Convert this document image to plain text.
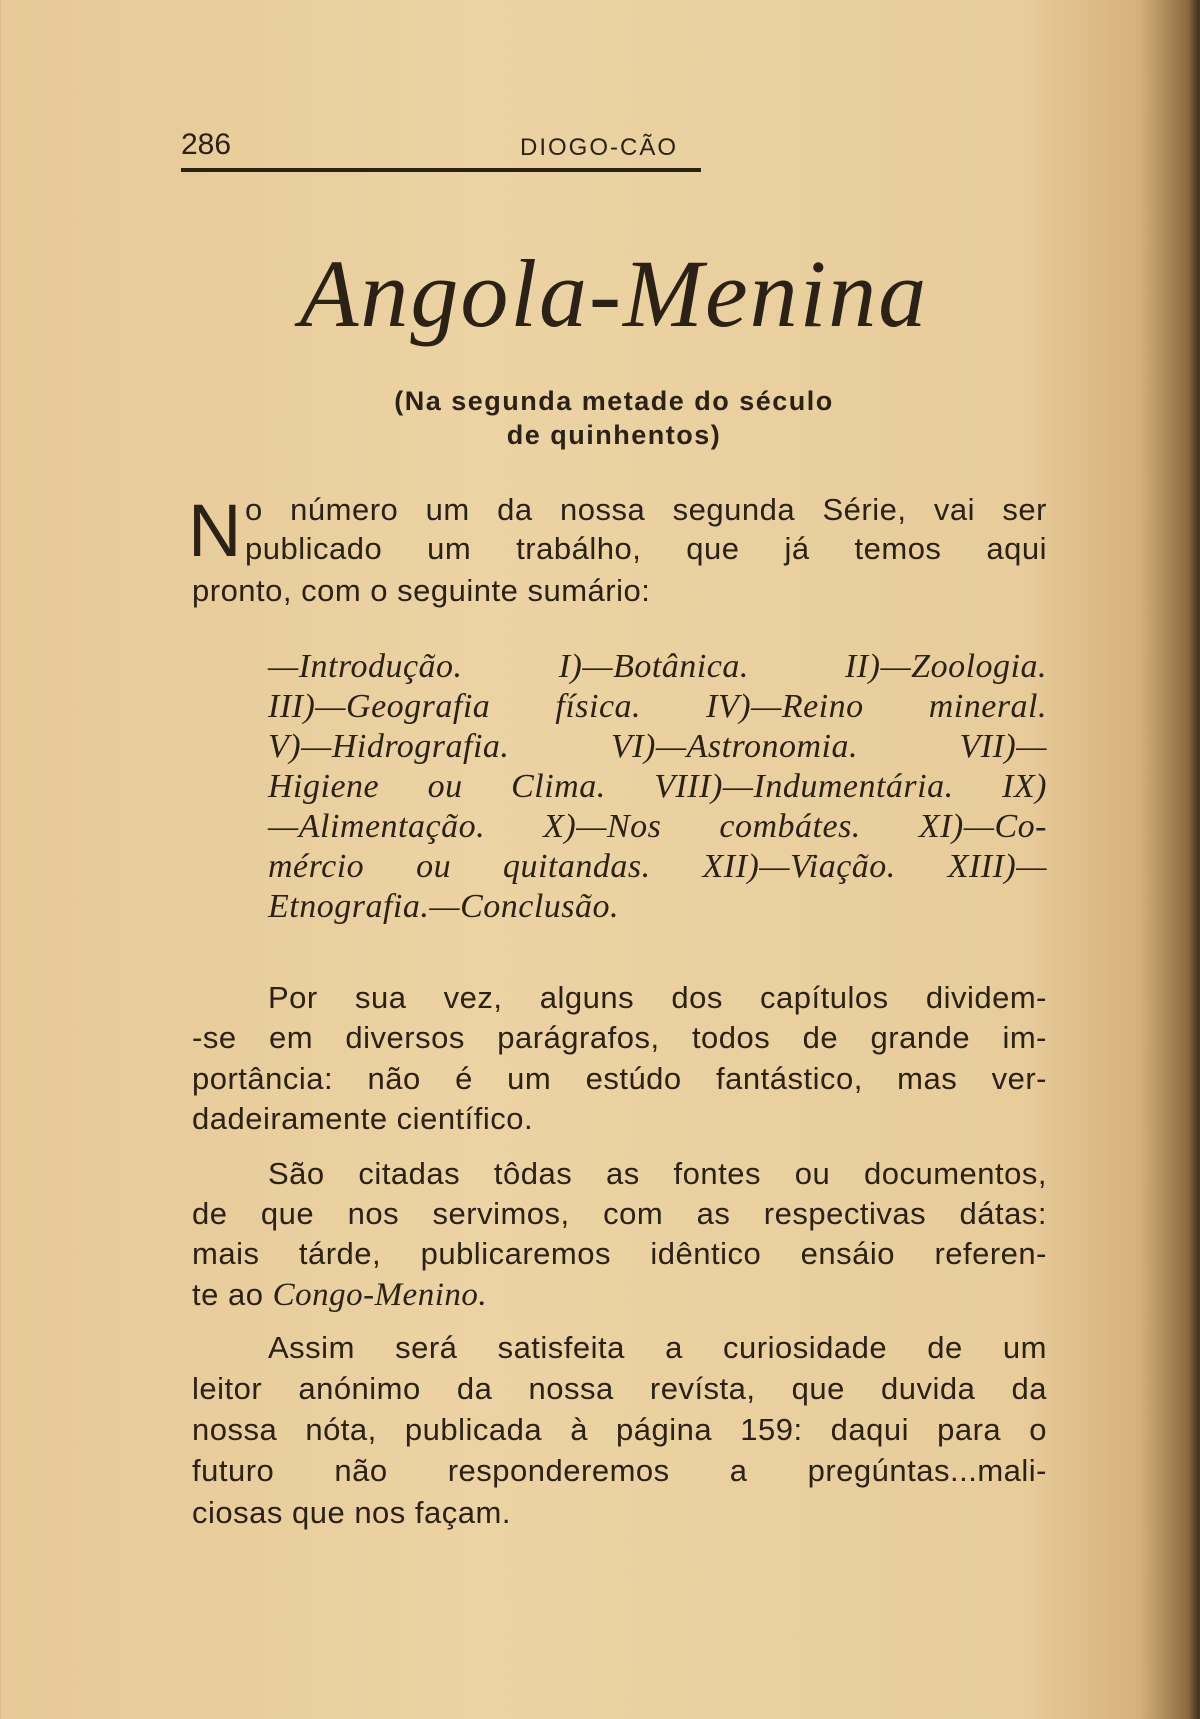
286	DIOGO-CÃO
Angola-Menina
(Na segunda metade do século
de quinhentos)
N o número um da nossa segunda Série, vai ser
publicado um trabálho, que já temos aqui
pronto, com o seguinte sumário:
—Introdução. I)—Botânica. II)—Zoologia.
III)—Geografia física. IV)—Reino mineral.
V)—Hidrografia. VI)—Astronomia. VII)—
Higiene ou Clima. VIII)—Indumentária. IX)
—Alimentação. X)—Nos combátes. XI)—Co-
mércio ou quitandas. XII)—Viação. XIII)—
Etnografia.—Conclusão.
Por sua vez, alguns dos capítulos dividem-
-se em diversos parágrafos, todos de grande im-
portância: não é um estúdo fantástico, mas ver-
dadeiramente científico.
São citadas tôdas as fontes ou documentos,
de que nos servimos, com as respectivas dátas:
mais tárde, publicaremos idêntico ensáio referen-
te ao Congo-Menino.
Assim será satisfeita a curiosidade de um
leitor anónimo da nossa revísta, que duvida da
nossa nóta, publicada à página 159: daqui para o
futuro não responderemos a pregúntas...mali-
ciosas que nos façam.
